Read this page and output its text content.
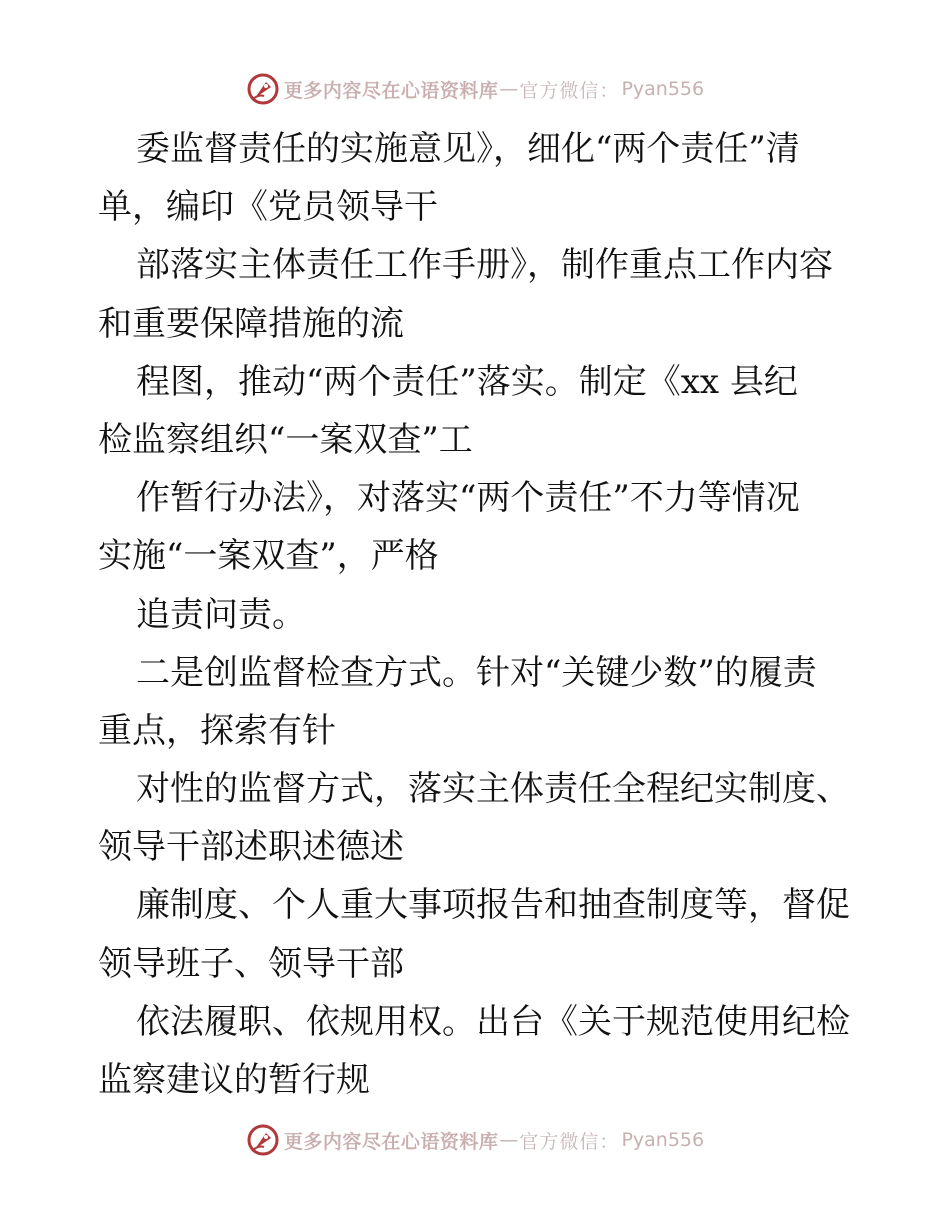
更多内容尽在心语资料库 — 官方微信： Pyan556
委监督责任的实施意见》，细化“两个责任”清
单，编印《党员领导干
部落实主体责任工作手册》，制作重点工作内容
和重要保障措施的流
程图，推动“两个责任”落实。制定《xx 县纪
检监察组织“一案双查”工
作暂行办法》，对落实“两个责任”不力等情况
实施“一案双查”，严格
追责问责。
二是创监督检查方式。针对“关键少数”的履责
重点，探索有针
对性的监督方式，落实主体责任全程纪实制度、
领导干部述职述德述
廉制度、个人重大事项报告和抽查制度等，督促
领导班子、领导干部
依法履职、依规用权。出台《关于规范使用纪检
监察建议的暂行规
更多内容尽在心语资料库 — 官方微信： Pyan556
